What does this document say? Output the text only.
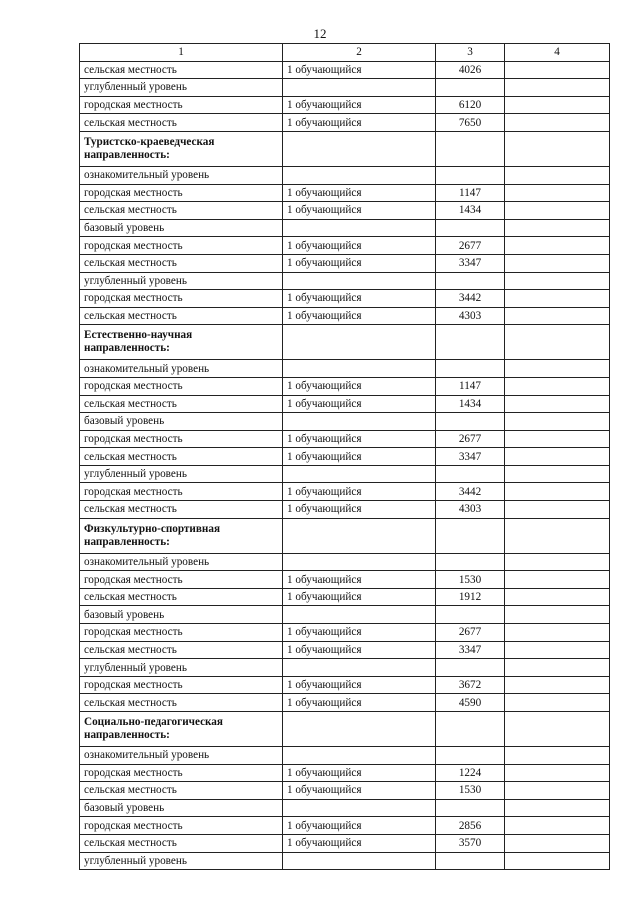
12
1	2	3	4
сельская местность	1 обучающийся	4026	
углубленный уровень			
городская местность	1 обучающийся	6120	
сельская местность	1 обучающийся	7650	
Туристско-краеведческая направленность:			
ознакомительный уровень			
городская местность	1 обучающийся	1147	
сельская местность	1 обучающийся	1434	
базовый уровень			
городская местность	1 обучающийся	2677	
сельская местность	1 обучающийся	3347	
углубленный уровень			
городская местность	1 обучающийся	3442	
сельская местность	1 обучающийся	4303	
Естественно-научная направленность:			
ознакомительный уровень			
городская местность	1 обучающийся	1147	
сельская местность	1 обучающийся	1434	
базовый уровень			
городская местность	1 обучающийся	2677	
сельская местность	1 обучающийся	3347	
углубленный уровень			
городская местность	1 обучающийся	3442	
сельская местность	1 обучающийся	4303	
Физкультурно-спортивная направленность:			
ознакомительный уровень			
городская местность	1 обучающийся	1530	
сельская местность	1 обучающийся	1912	
базовый уровень			
городская местность	1 обучающийся	2677	
сельская местность	1 обучающийся	3347	
углубленный уровень			
городская местность	1 обучающийся	3672	
сельская местность	1 обучающийся	4590	
Социально-педагогическая направленность:			
ознакомительный уровень			
городская местность	1 обучающийся	1224	
сельская местность	1 обучающийся	1530	
базовый уровень			
городская местность	1 обучающийся	2856	
сельская местность	1 обучающийся	3570	
углубленный уровень			
